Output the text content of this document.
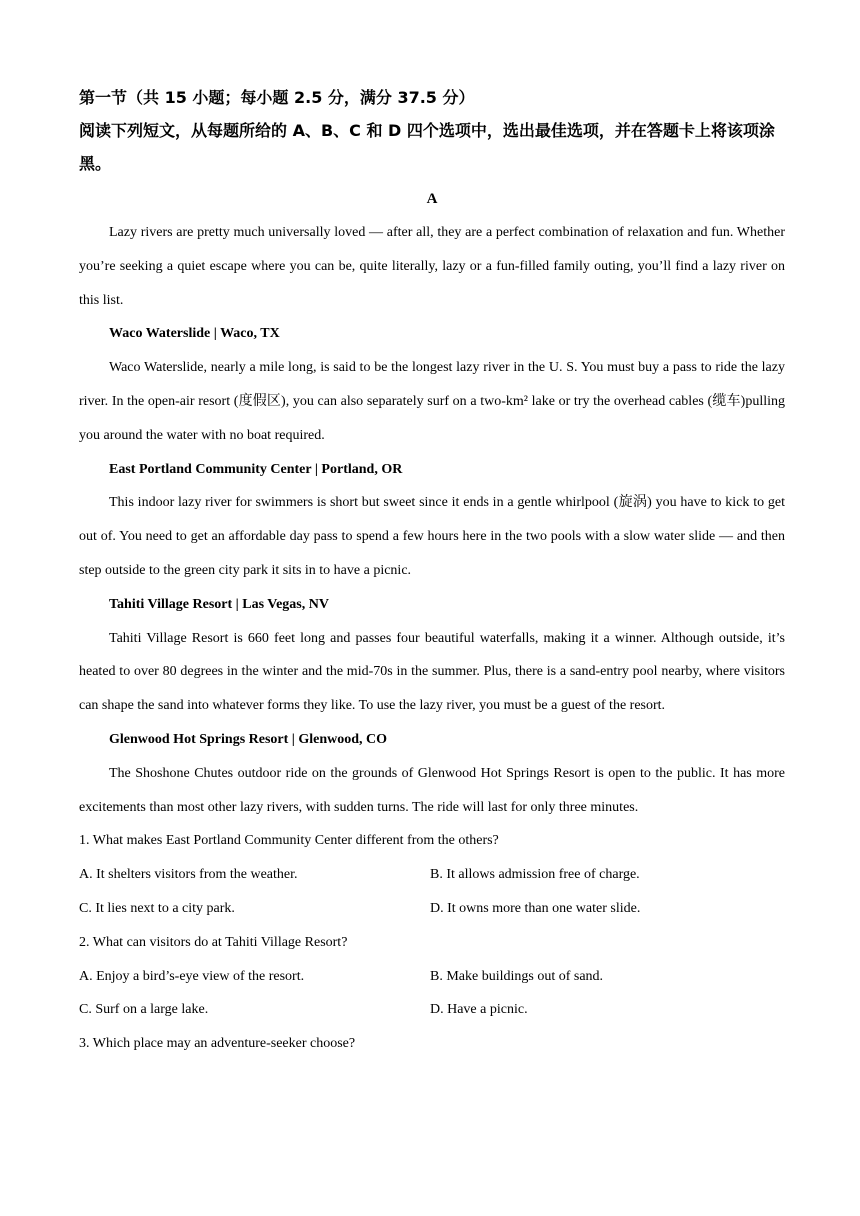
第一节（共 15 小题；每小题 2.5 分，满分 37.5 分）
阅读下列短文，从每题所给的 A、B、C 和 D 四个选项中，选出最佳选项，并在答题卡上将该项涂黑。
A

Lazy rivers are pretty much universally loved — after all, they are a perfect combination of relaxation and fun. Whether you’re seeking a quiet escape where you can be, quite literally, lazy or a fun-filled family outing, you’ll find a lazy river on this list.

Waco Waterslide | Waco, TX

Waco Waterslide, nearly a mile long, is said to be the longest lazy river in the U. S. You must buy a pass to ride the lazy river. In the open-air resort (度假区), you can also separately surf on a two-km² lake or try the overhead cables (缆车)pulling you around the water with no boat required.

East Portland Community Center | Portland, OR

This indoor lazy river for swimmers is short but sweet since it ends in a gentle whirlpool (旋涡) you have to kick to get out of. You need to get an affordable day pass to spend a few hours here in the two pools with a slow water slide — and then step outside to the green city park it sits in to have a picnic.

Tahiti Village Resort | Las Vegas, NV

Tahiti Village Resort is 660 feet long and passes four beautiful waterfalls, making it a winner. Although outside, it’s heated to over 80 degrees in the winter and the mid-70s in the summer. Plus, there is a sand-entry pool nearby, where visitors can shape the sand into whatever forms they like. To use the lazy river, you must be a guest of the resort.

Glenwood Hot Springs Resort | Glenwood, CO

The Shoshone Chutes outdoor ride on the grounds of Glenwood Hot Springs Resort is open to the public. It has more excitements than most other lazy rivers, with sudden turns. The ride will last for only three minutes.

1. What makes East Portland Community Center different from the others?

A. It shelters visitors from the weather.	B. It allows admission free of charge.
C. It lies next to a city park.	D. It owns more than one water slide.

2. What can visitors do at Tahiti Village Resort?

A. Enjoy a bird’s-eye view of the resort.	B. Make buildings out of sand.
C. Surf on a large lake.	D. Have a picnic.

3. Which place may an adventure-seeker choose?
